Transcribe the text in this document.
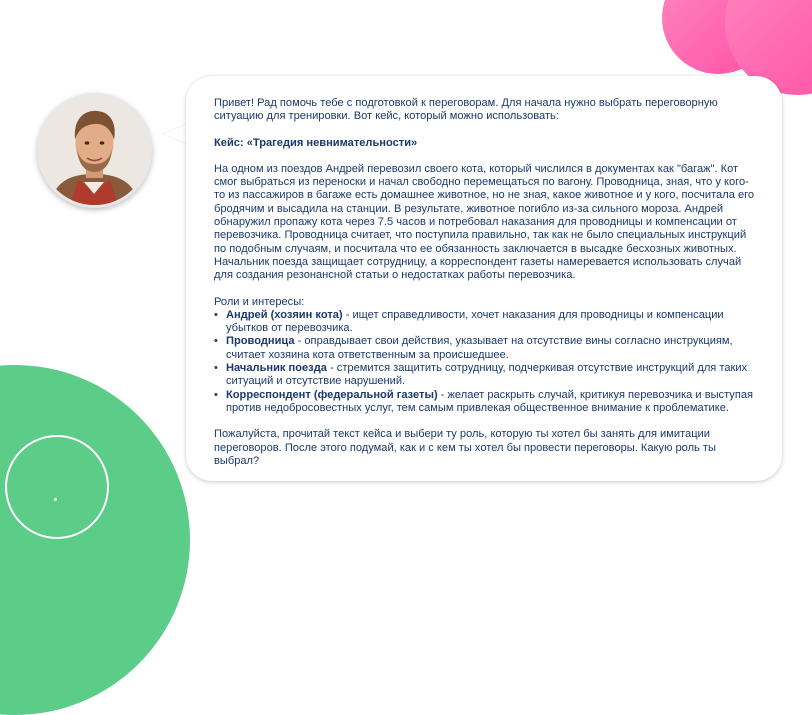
Привет! Рад помочь тебе с подготовкой к переговорам. Для начала нужно выбрать переговорную ситуацию для тренировки. Вот кейс, который можно использовать:

Кейс: «Трагедия невнимательности»

На одном из поездов Андрей перевозил своего кота, который числился в документах как "багаж". Кот смог выбраться из переноски и начал свободно перемещаться по вагону. Проводница, зная, что у кого-то из пассажиров в багаже есть домашнее животное, но не зная, какое животное и у кого, посчитала его бродячим и высадила на станции. В результате, животное погибло из-за сильного мороза. Андрей обнаружил пропажу кота через 7.5 часов и потребовал наказания для проводницы и компенсации от перевозчика. Проводница считает, что поступила правильно, так как не было специальных инструкций по подобным случаям, и посчитала что ее обязанность заключается в высадке бесхозных животных. Начальник поезда защищает сотрудницу, а корреспондент газеты намеревается использовать случай для создания резонансной статьи о недостатках работы перевозчика.

Роли и интересы:

• Андрей (хозяин кота) - ищет справедливости, хочет наказания для проводницы и компенсации убытков от перевозчика.
• Проводница - оправдывает свои действия, указывает на отсутствие вины согласно инструкциям, считает хозяина кота ответственным за происшедшее.
• Начальник поезда - стремится защитить сотрудницу, подчеркивая отсутствие инструкций для таких ситуаций и отсутствие нарушений.
• Корреспондент (федеральной газеты) - желает раскрыть случай, критикуя перевозчика и выступая против недобросовестных услуг, тем самым привлекая общественное внимание к проблематике.

Пожалуйста, прочитай текст кейса и выбери ту роль, которую ты хотел бы занять для имитации переговоров. После этого подумай, как и с кем ты хотел бы провести переговоры. Какую роль ты выбрал?
